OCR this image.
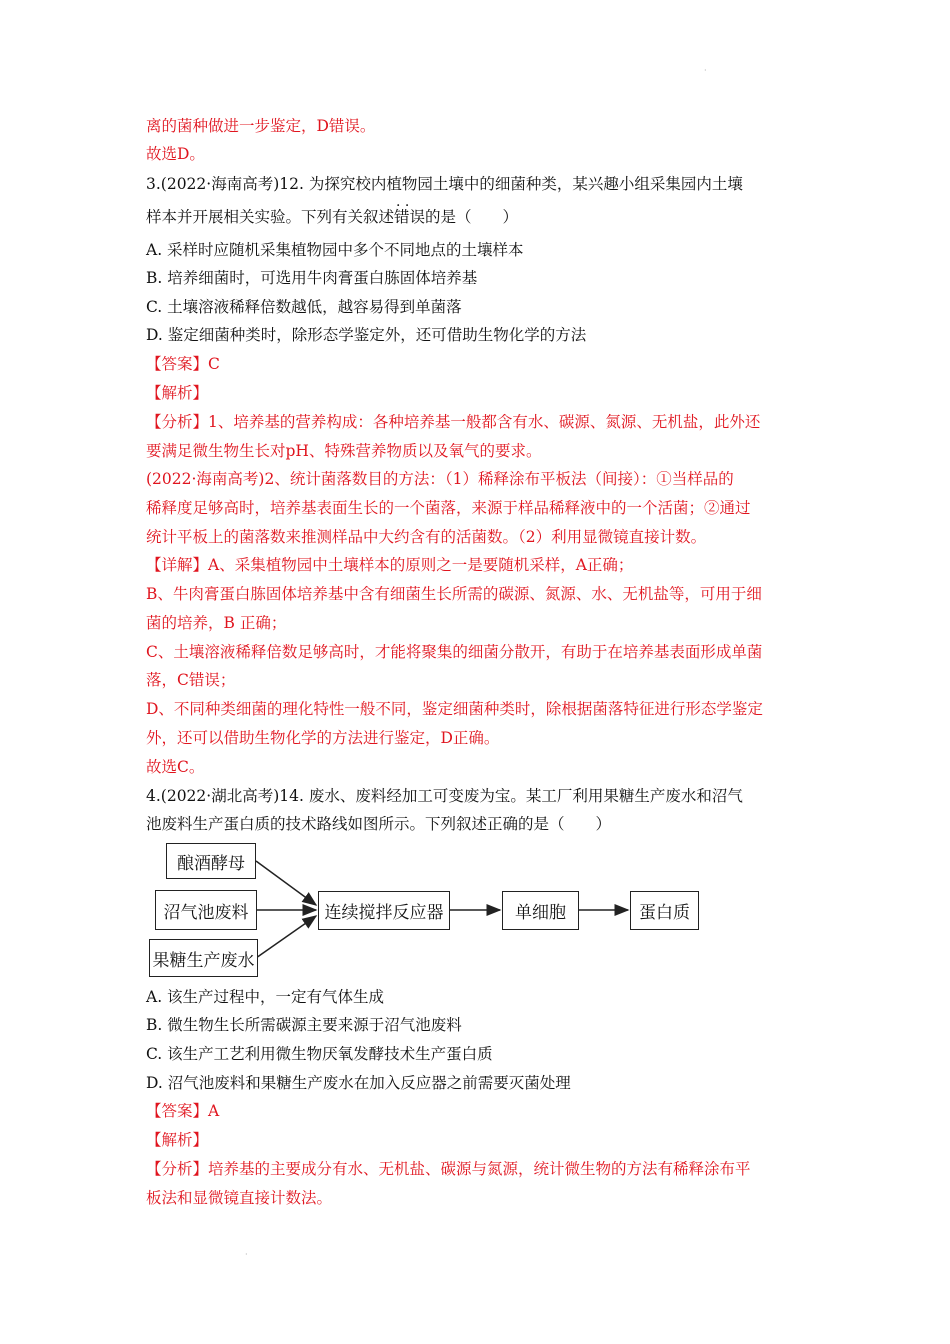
·
离的菌种做进一步鉴定，D错误。
故选D。
3.(2022·海南高考)12. 为探究校内植物园土壤中的细菌种类，某兴趣小组采集园内土壤
样本并开展相关实验。下列有关叙述· · 错误的是（　　）
A. 采样时应随机采集植物园中多个不同地点的土壤样本
B. 培养细菌时，可选用牛肉膏蛋白胨固体培养基
C. 土壤溶液稀释倍数越低，越容易得到单菌落
D. 鉴定细菌种类时，除形态学鉴定外，还可借助生物化学的方法
【答案】C
【解析】
【分析】1、培养基的营养构成：各种培养基一般都含有水、碳源、氮源、无机盐，此外还
要满足微生物生长对pH、特殊营养物质以及氧气的要求。
(2022·海南高考)2、统计菌落数目的方法：（1）稀释涂布平板法（间接）：①当样品的
稀释度足够高时，培养基表面生长的一个菌落，来源于样品稀释液中的一个活菌；②通过
统计平板上的菌落数来推测样品中大约含有的活菌数。（2）利用显微镜直接计数。
【详解】A、采集植物园中土壤样本的原则之一是要随机采样，A正确；
B、牛肉膏蛋白胨固体培养基中含有细菌生长所需的碳源、氮源、水、无机盐等，可用于细
菌的培养，B 正确；
C、土壤溶液稀释倍数足够高时，才能将聚集的细菌分散开，有助于在培养基表面形成单菌
落，C错误；
D、不同种类细菌的理化特性一般不同，鉴定细菌种类时，除根据菌落特征进行形态学鉴定
外，还可以借助生物化学的方法进行鉴定，D正确。
故选C。
4.(2022·湖北高考)14. 废水、废料经加工可变废为宝。某工厂利用果糖生产废水和沼气
池废料生产蛋白质的技术路线如图所示。下列叙述正确的是（　　）
A. 该生产过程中，一定有气体生成
B. 微生物生长所需碳源主要来源于沼气池废料
C. 该生产工艺利用微生物厌氧发酵技术生产蛋白质
D. 沼气池废料和果糖生产废水在加入反应器之前需要灭菌处理
【答案】A
【解析】
【分析】培养基的主要成分有水、无机盐、碳源与氮源，统计微生物的方法有稀释涂布平
板法和显微镜直接计数法。
酿酒酵母
沼气池废料
果糖生产废水
连续搅拌反应器	单细胞	蛋白质
·
